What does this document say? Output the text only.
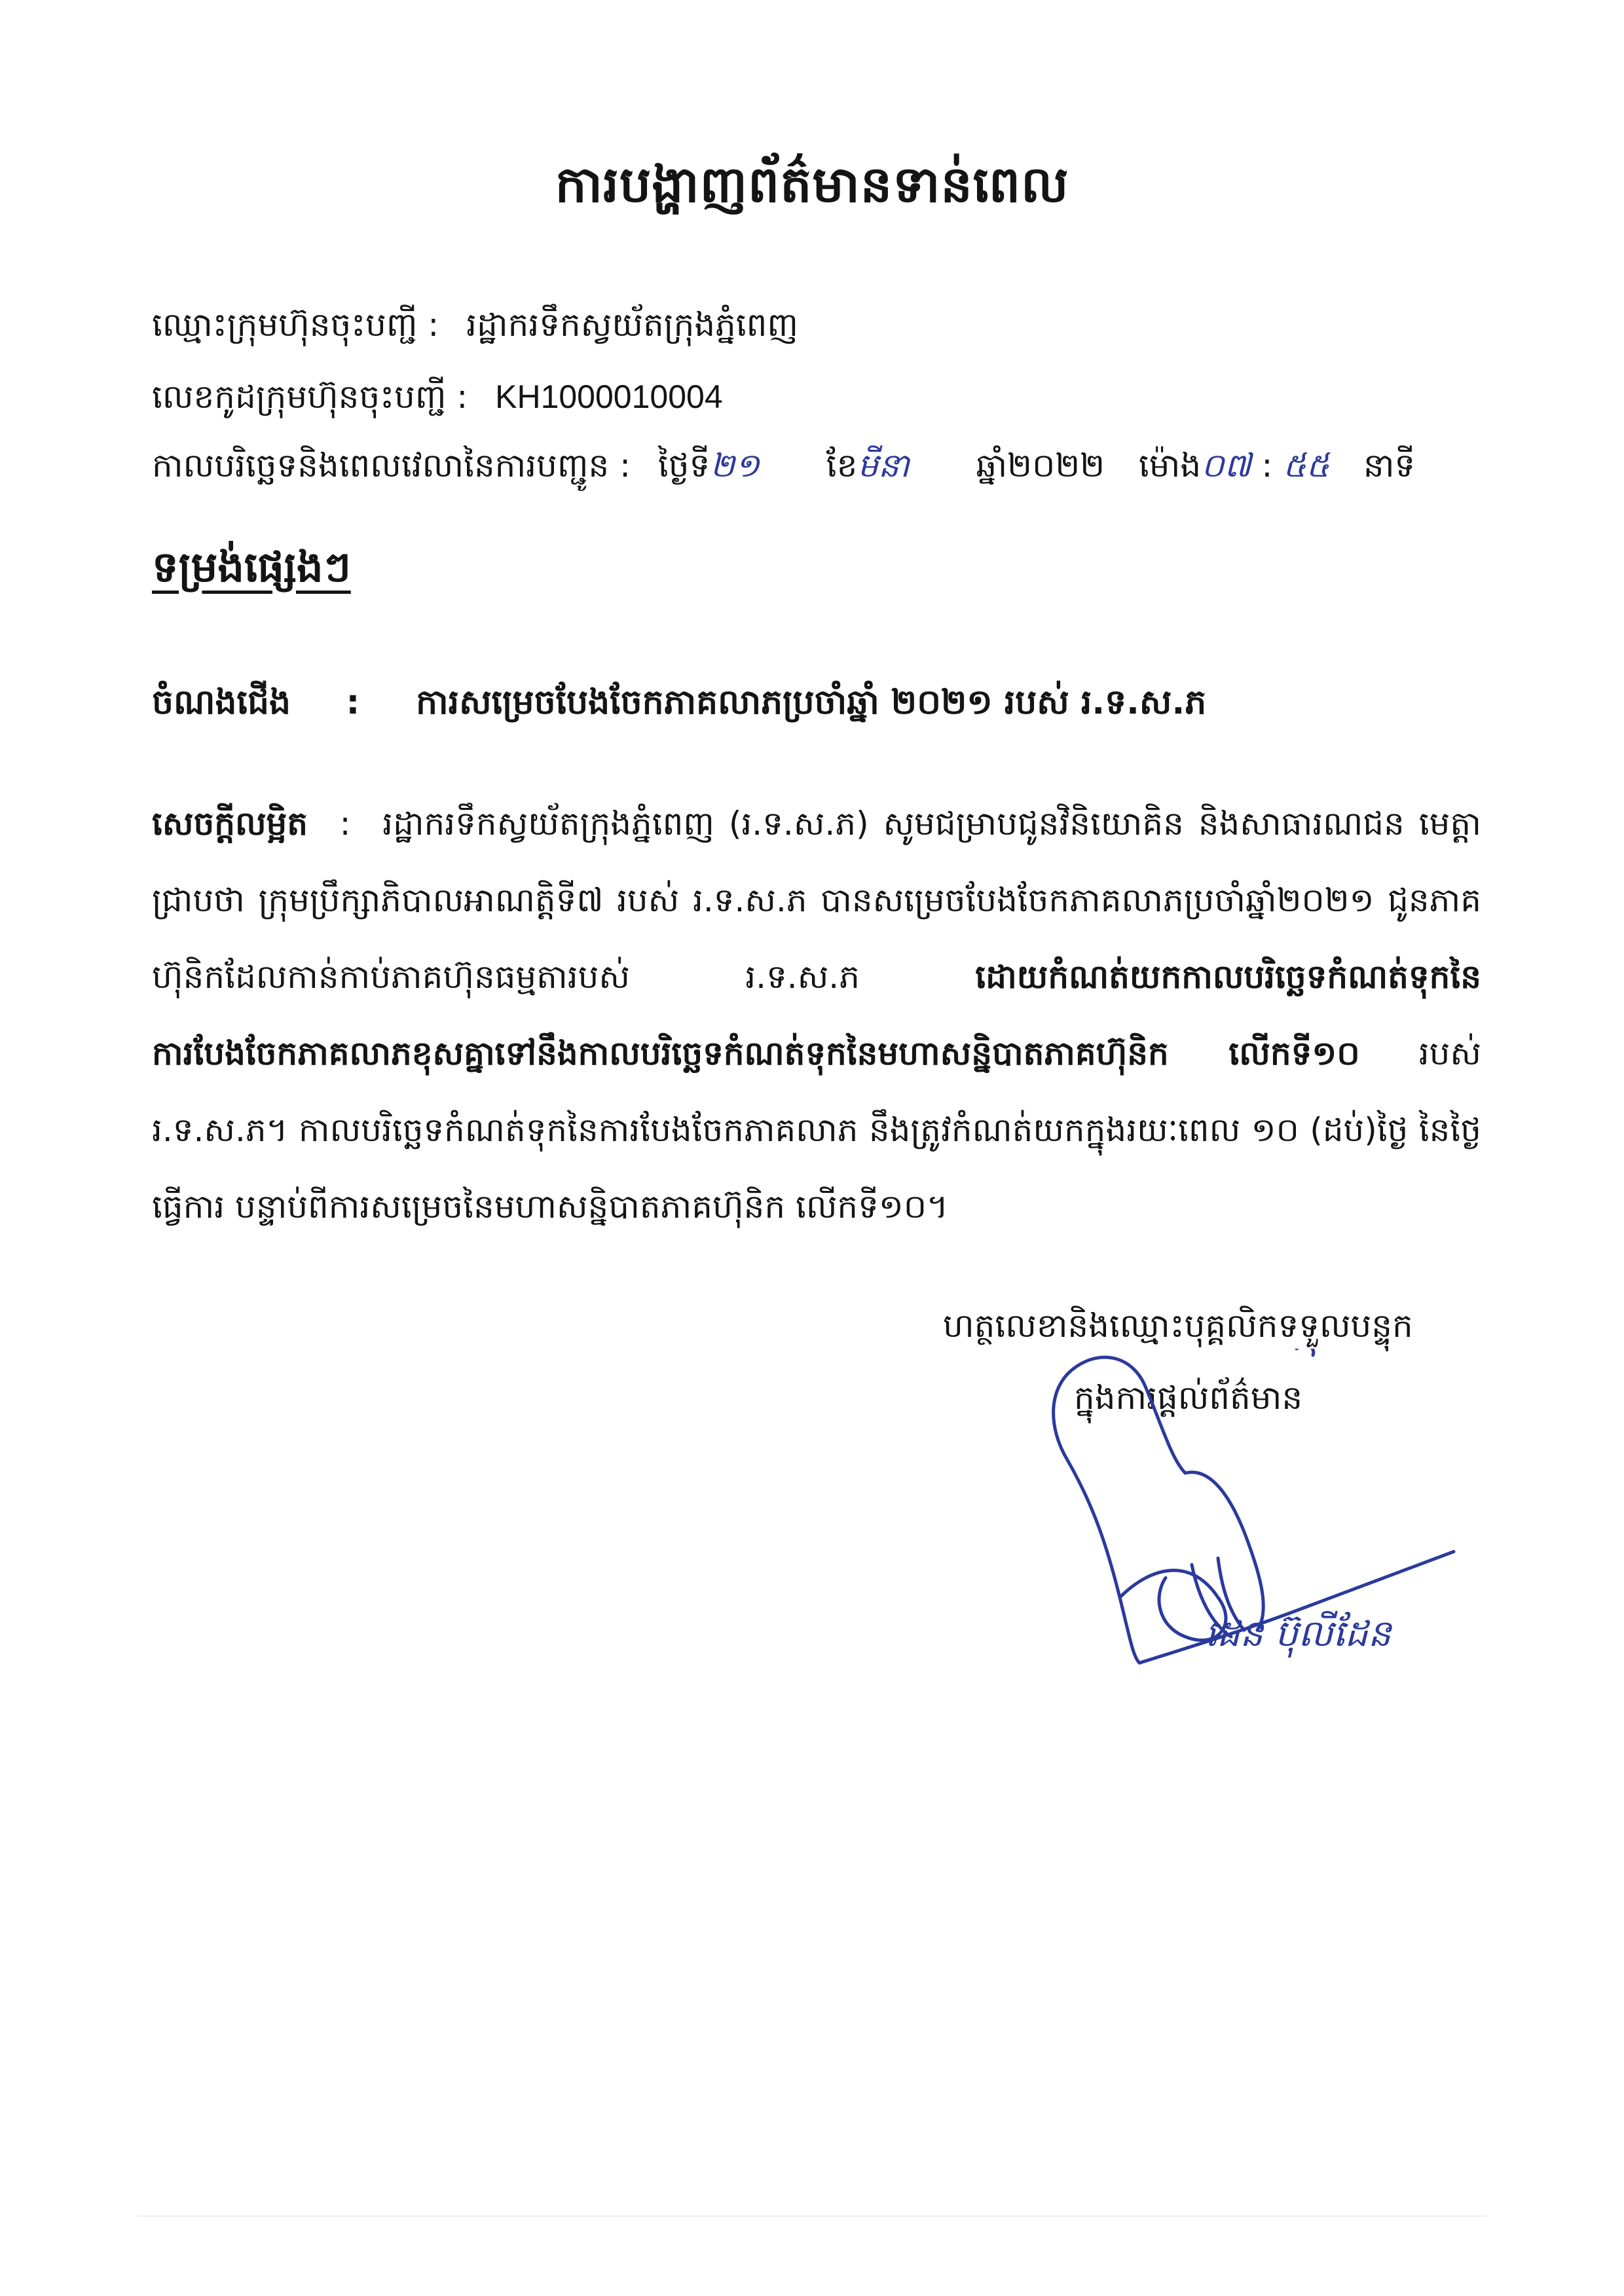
ការបង្ហាញព័ត៌មានទាន់ពេល
ឈ្មោះក្រុមហ៊ុនចុះបញ្ជី : រដ្ឋាករទឹកស្វយ័តក្រុងភ្នំពេញ
លេខកូដក្រុមហ៊ុនចុះបញ្ជី : KH1000010004
កាលបរិច្ឆេទនិងពេលវេលានៃការបញ្ជូន : ថ្ងៃទី២១ ខែមីនា ឆ្នាំ២០២២ ម៉ោង០៧ : ៥៥ នាទី
ទម្រង់ផ្សេងៗ
ចំណងជើង : ការសម្រេចបែងចែកភាគលាភប្រចាំឆ្នាំ ២០២១ របស់ រ.ទ.ស.ភ
សេចក្តីលម្អិត : រដ្ឋាករទឹកស្វយ័តក្រុងភ្នំពេញ (រ.ទ.ស.ភ) សូមជម្រាបជូនវិនិយោគិន និងសាធារណជន មេត្តាជ្រាបថា ក្រុមប្រឹក្សាភិបាលអាណត្តិទី៧ របស់ រ.ទ.ស.ភ បានសម្រេចបែងចែកភាគលាភប្រចាំឆ្នាំ២០២១ ជូនភាគហ៊ុនិកដែលកាន់កាប់ភាគហ៊ុនធម្មតារបស់ រ.ទ.ស.ភ	ដោយកំណត់យកកាលបរិច្ឆេទកំណត់ទុកនៃការបែងចែកភាគលាភខុសគ្នាទៅនឹងកាលបរិច្ឆេទកំណត់ទុកនៃមហាសន្និបាតភាគហ៊ុនិក លើកទី១០ របស់ រ.ទ.ស.ភ។ កាលបរិច្ឆេទកំណត់ទុកនៃការបែងចែកភាគលាភ នឹងត្រូវកំណត់យកក្នុងរយៈពេល ១០ (ដប់)ថ្ងៃ នៃថ្ងៃធ្វើការ បន្ទាប់ពីការសម្រេចនៃមហាសន្និបាតភាគហ៊ុនិក លើកទី១០។
ហត្ថលេខានិងឈ្មោះបុគ្គលិកទទួលបន្ទុក
ក្នុងការផ្តល់ព័ត៌មាន
ដេន ប៊ុលីដែន
